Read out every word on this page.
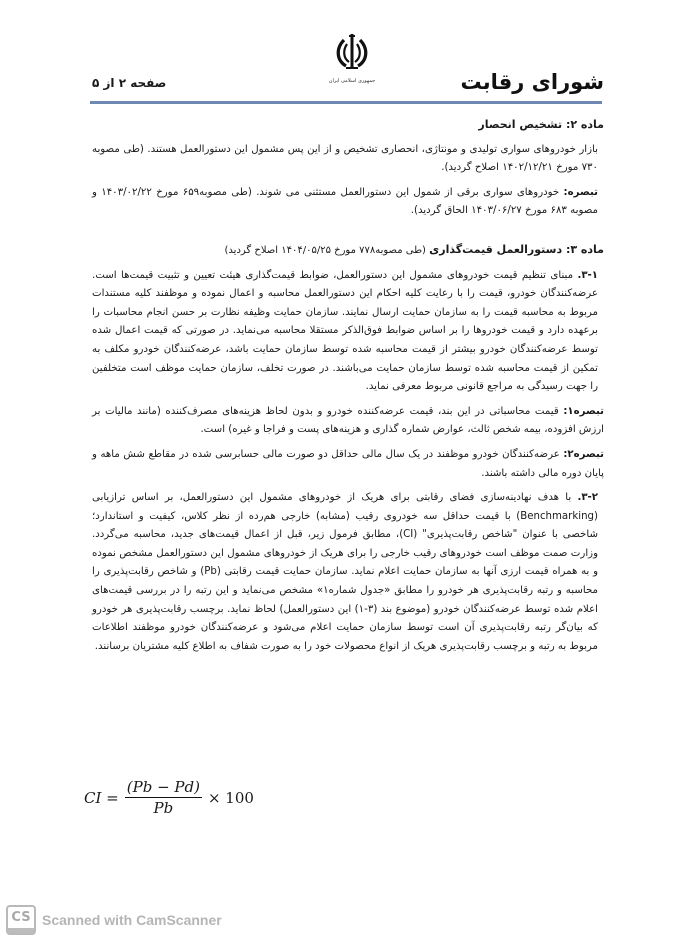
جمهوری اسلامی ایران	شورای رقابت
صفحه ۲ از ۵
ماده ۲: تشخیص انحصار

بازار خودروهای سواری تولیدی و مونتاژی، انحصاری تشخیص و از این پس مشمول این دستورالعمل هستند. (طی مصوبه ۷۳۰ مورخ ۱۴۰۲/۱۲/۲۱ اصلاح گردید).

تبصره: خودروهای سواری برقی از شمول این دستورالعمل مستثنی می شوند. (طی مصوبه۶۵۹ مورخ ۱۴۰۳/۰۲/۲۲ و مصوبه ۶۸۳ مورخ ۱۴۰۳/۰۶/۲۷ الحاق گردید).

ماده ۳: دستورالعمل قیمت‌گذاری (طی مصوبه۷۷۸ مورخ ۱۴۰۴/۰۵/۲۵ اصلاح گردید)

۳-۱. مبنای تنظیم قیمت خودروهای مشمول این دستورالعمل، ضوابط قیمت‌گذاری هیئت تعیین و تثبیت قیمت‌ها است. عرضه‌کنندگان خودرو، قیمت را با رعایت کلیه احکام این دستورالعمل محاسبه و اعمال نموده و موظفند کلیه مستندات مربوط به محاسبه قیمت را به سازمان حمایت ارسال نمایند. سازمان حمایت وظیفه نظارت بر حسن انجام محاسبات را برعهده دارد و قیمت خودروها را بر اساس ضوابط فوق‌الذکر مستقلا محاسبه می‌نماید. در صورتی که قیمت اعمال شده توسط عرضه‌کنندگان خودرو بیشتر از قیمت محاسبه شده توسط سازمان حمایت باشد، عرضه‌کنندگان خودرو مکلف به تمکین از قیمت محاسبه شده توسط سازمان حمایت می‌باشند. در صورت تخلف، سازمان حمایت موظف است متخلفین را جهت رسیدگی به مراجع قانونی مربوط معرفی نماید.

تبصره۱: قیمت محاسباتی در این بند، قیمت عرضه‌کننده خودرو و بدون لحاظ هزینه‌های مصرف‌کننده (مانند مالیات بر ارزش افزوده، بیمه شخص ثالث، عوارض شماره گذاری و هزینه‌های پست و فراجا و غیره) است.

تبصره۲: عرضه‌کنندگان خودرو موظفند در یک سال مالی حداقل دو صورت مالی حسابرسی شده در مقاطع شش ماهه و پایان دوره مالی داشته باشند.

۳-۲. با هدف نهادینه‌سازی فضای رقابتی برای هریک از خودروهای مشمول این دستورالعمل، بر اساس ترازیابی (Benchmarking) با قیمت حداقل سه خودروی رقیب (مشابه) خارجی هم‌رده از نظر کلاس، کیفیت و استاندارد؛ شاخصی با عنوان "شاخص رقابت‌پذیری" (CI)، مطابق فرمول زیر، قبل از اعمال قیمت‌های جدید، محاسبه می‌گردد. وزارت صمت موظف است خودروهای رقیب خارجی را برای هریک از خودروهای مشمول این دستورالعمل مشخص نموده و به همراه قیمت ارزی آنها به سازمان حمایت اعلام نماید. سازمان حمایت قیمت رقابتی (Pb) و شاخص رقابت‌پذیری را محاسبه و رتبه رقابت‌پذیری هر خودرو را مطابق «جدول شماره۱» مشخص می‌نماید و این رتبه را در بررسی قیمت‌های اعلام شده توسط عرضه‌کنندگان خودرو (موضوع بند (۳-۱) این دستورالعمل) لحاظ نماید. برچسب رقابت‌پذیری هر خودرو که بیان‌گر رتبه رقابت‌پذیری آن است توسط سازمان حمایت اعلام می‌شود و عرضه‌کنندگان خودرو موظفند اطلاعات مربوط به رتبه و برچسب رقابت‌پذیری هریک از انواع محصولات خود را به صورت شفاف به اطلاع کلیه مشتریان برسانند.

CI = $\frac{(Pb - Pd)}{Pb} \times 100$
CS Scanned with CamScanner
